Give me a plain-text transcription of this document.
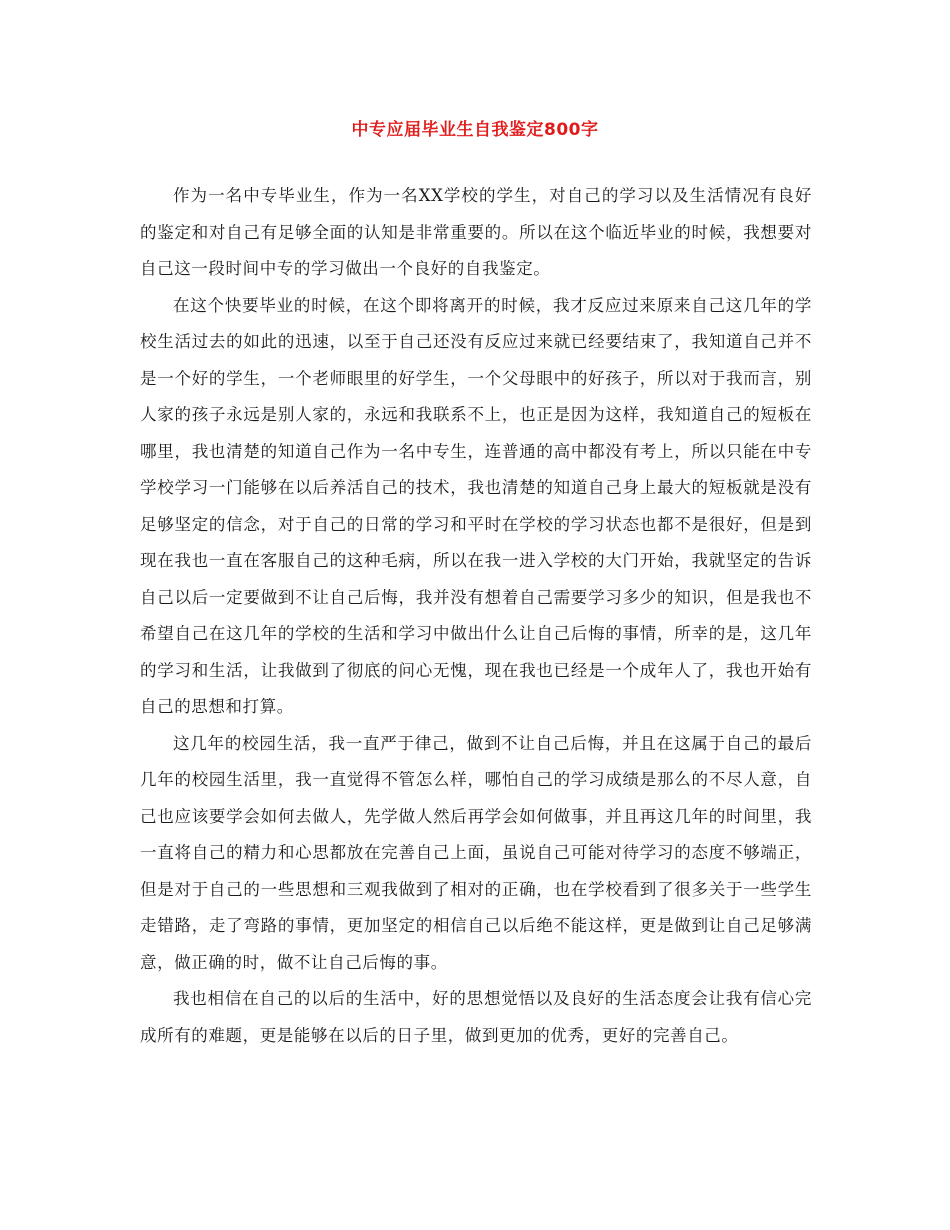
中专应届毕业生自我鉴定800字

作为一名中专毕业生，作为一名XX学校的学生，对自己的学习以及生活情况有良好的鉴定和对自己有足够全面的认知是非常重要的。所以在这个临近毕业的时候，我想要对自己这一段时间中专的学习做出一个良好的自我鉴定。

在这个快要毕业的时候，在这个即将离开的时候，我才反应过来原来自己这几年的学校生活过去的如此的迅速，以至于自己还没有反应过来就已经要结束了，我知道自己并不是一个好的学生，一个老师眼里的好学生，一个父母眼中的好孩子，所以对于我而言，别人家的孩子永远是别人家的，永远和我联系不上，也正是因为这样，我知道自己的短板在哪里，我也清楚的知道自己作为一名中专生，连普通的高中都没有考上，所以只能在中专学校学习一门能够在以后养活自己的技术，我也清楚的知道自己身上最大的短板就是没有足够坚定的信念，对于自己的日常的学习和平时在学校的学习状态也都不是很好，但是到现在我也一直在客服自己的这种毛病，所以在我一进入学校的大门开始，我就坚定的告诉自己以后一定要做到不让自己后悔，我并没有想着自己需要学习多少的知识，但是我也不希望自己在这几年的学校的生活和学习中做出什么让自己后悔的事情，所幸的是，这几年的学习和生活，让我做到了彻底的问心无愧，现在我也已经是一个成年人了，我也开始有自己的思想和打算。

这几年的校园生活，我一直严于律己，做到不让自己后悔，并且在这属于自己的最后几年的校园生活里，我一直觉得不管怎么样，哪怕自己的学习成绩是那么的不尽人意，自己也应该要学会如何去做人，先学做人然后再学会如何做事，并且再这几年的时间里，我一直将自己的精力和心思都放在完善自己上面，虽说自己可能对待学习的态度不够端正，但是对于自己的一些思想和三观我做到了相对的正确，也在学校看到了很多关于一些学生走错路，走了弯路的事情，更加坚定的相信自己以后绝不能这样，更是做到让自己足够满意，做正确的时，做不让自己后悔的事。

我也相信在自己的以后的生活中，好的思想觉悟以及良好的生活态度会让我有信心完成所有的难题，更是能够在以后的日子里，做到更加的优秀，更好的完善自己。
